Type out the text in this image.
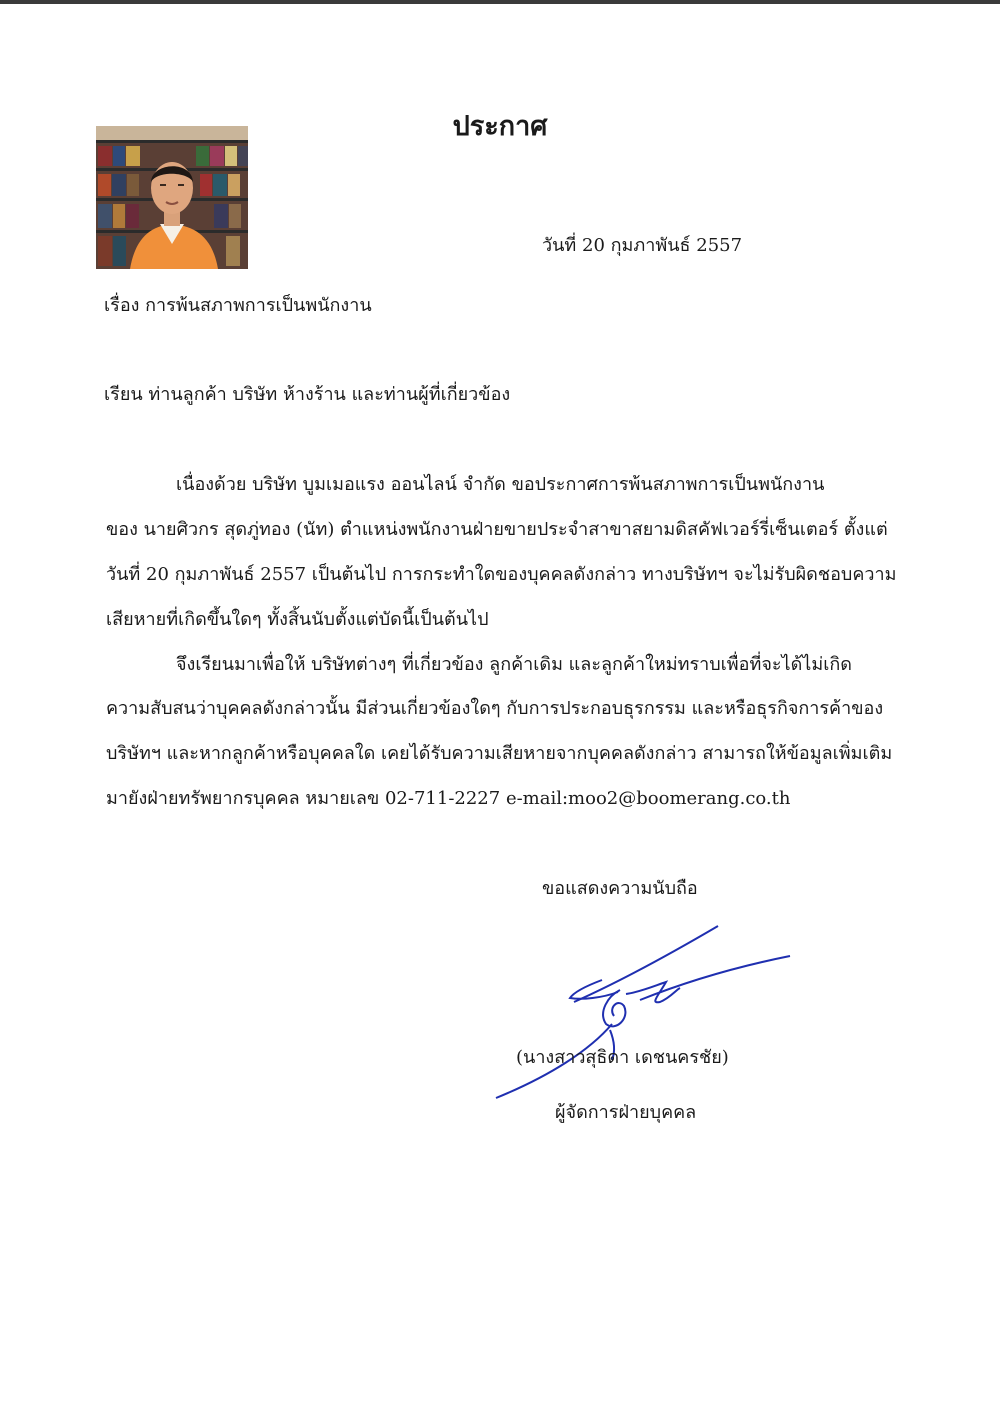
ประกาศ
วันที่ 20 กุมภาพันธ์ 2557
เรื่อง การพ้นสภาพการเป็นพนักงาน
เรียน ท่านลูกค้า บริษัท ห้างร้าน และท่านผู้ที่เกี่ยวข้อง
เนื่องด้วย บริษัท บูมเมอแรง ออนไลน์ จำกัด ขอประกาศการพ้นสภาพการเป็นพนักงาน
ของ นายศิวกร สุดภู่ทอง (นัท) ตำแหน่งพนักงานฝ่ายขายประจำสาขาสยามดิสคัฟเวอร์รี่เซ็นเตอร์ ตั้งแต่
วันที่ 20 กุมภาพันธ์ 2557 เป็นต้นไป การกระทำใดของบุคคลดังกล่าว ทางบริษัทฯ จะไม่รับผิดชอบความ
เสียหายที่เกิดขึ้นใดๆ ทั้งสิ้นนับตั้งแต่บัดนี้เป็นต้นไป
จึงเรียนมาเพื่อให้ บริษัทต่างๆ ที่เกี่ยวข้อง ลูกค้าเดิม และลูกค้าใหม่ทราบเพื่อที่จะได้ไม่เกิด
ความสับสนว่าบุคคลดังกล่าวนั้น มีส่วนเกี่ยวข้องใดๆ กับการประกอบธุรกรรม และหรือธุรกิจการค้าของ
บริษัทฯ และหากลูกค้าหรือบุคคลใด เคยได้รับความเสียหายจากบุคคลดังกล่าว สามารถให้ข้อมูลเพิ่มเติม
มายังฝ่ายทรัพยากรบุคคล หมายเลข 02-711-2227 e-mail:moo2@boomerang.co.th
ขอแสดงความนับถือ
(นางสาวสุธิดา เดชนครชัย)
ผู้จัดการฝ่ายบุคคล
